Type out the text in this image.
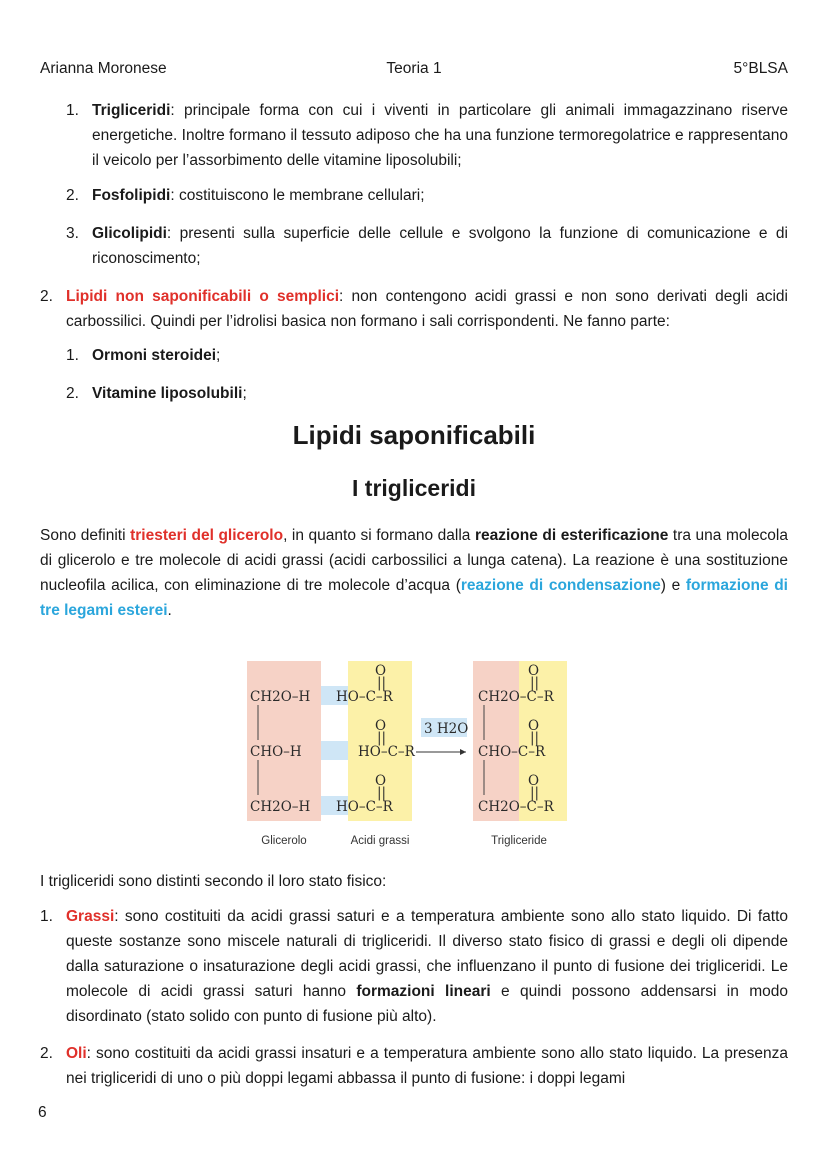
Arianna Moronese	Teoria 1	5°BLSA
1. Trigliceridi: principale forma con cui i viventi in particolare gli animali immagazzinano riserve energetiche. Inoltre formano il tessuto adiposo che ha una funzione termoregolatrice e rappresentano il veicolo per l’assorbimento delle vitamine liposolubili;
2. Fosfolipidi: costituiscono le membrane cellulari;
3. Glicolipidi: presenti sulla superficie delle cellule e svolgono la funzione di comunicazione e di riconoscimento;
2. Lipidi non saponificabili o semplici: non contengono acidi grassi e non sono derivati degli acidi carbossilici. Quindi per l’idrolisi basica non formano i sali corrispondenti. Ne fanno parte:
1. Ormoni steroidei;
2. Vitamine liposolubili;
Lipidi saponificabili
I trigliceridi
Sono definiti triesteri del glicerolo, in quanto si formano dalla reazione di esterificazione tra una molecola di glicerolo e tre molecole di acidi grassi (acidi carbossilici a lunga catena). La reazione è una sostituzione nucleofila acilica, con eliminazione di tre molecole d’acqua (reazione di condensazione) e formazione di tre legami esterei.
CH2O–H
CHO–H
CH2O–H
O
||
HO–C–R
O
||
HO–C–R
O
||
HO–C–R
3 H2O
O
||
CH2O–C–R
O
||
CHO–C–R
O
||
CH2O–C–R
Glicerolo	Acidi grassi	Trigliceride
I trigliceridi sono distinti secondo il loro stato fisico:
1. Grassi: sono costituiti da acidi grassi saturi e a temperatura ambiente sono allo stato liquido. Di fatto queste sostanze sono miscele naturali di trigliceridi. Il diverso stato fisico di grassi e degli oli dipende dalla saturazione o insaturazione degli acidi grassi, che influenzano il punto di fusione dei trigliceridi. Le molecole di acidi grassi saturi hanno formazioni lineari e quindi possono addensarsi in modo disordinato (stato solido con punto di fusione più alto).
2. Oli: sono costituiti da acidi grassi insaturi e a temperatura ambiente sono allo stato liquido. La presenza nei trigliceridi di uno o più doppi legami abbassa il punto di fusione: i doppi legami
6
